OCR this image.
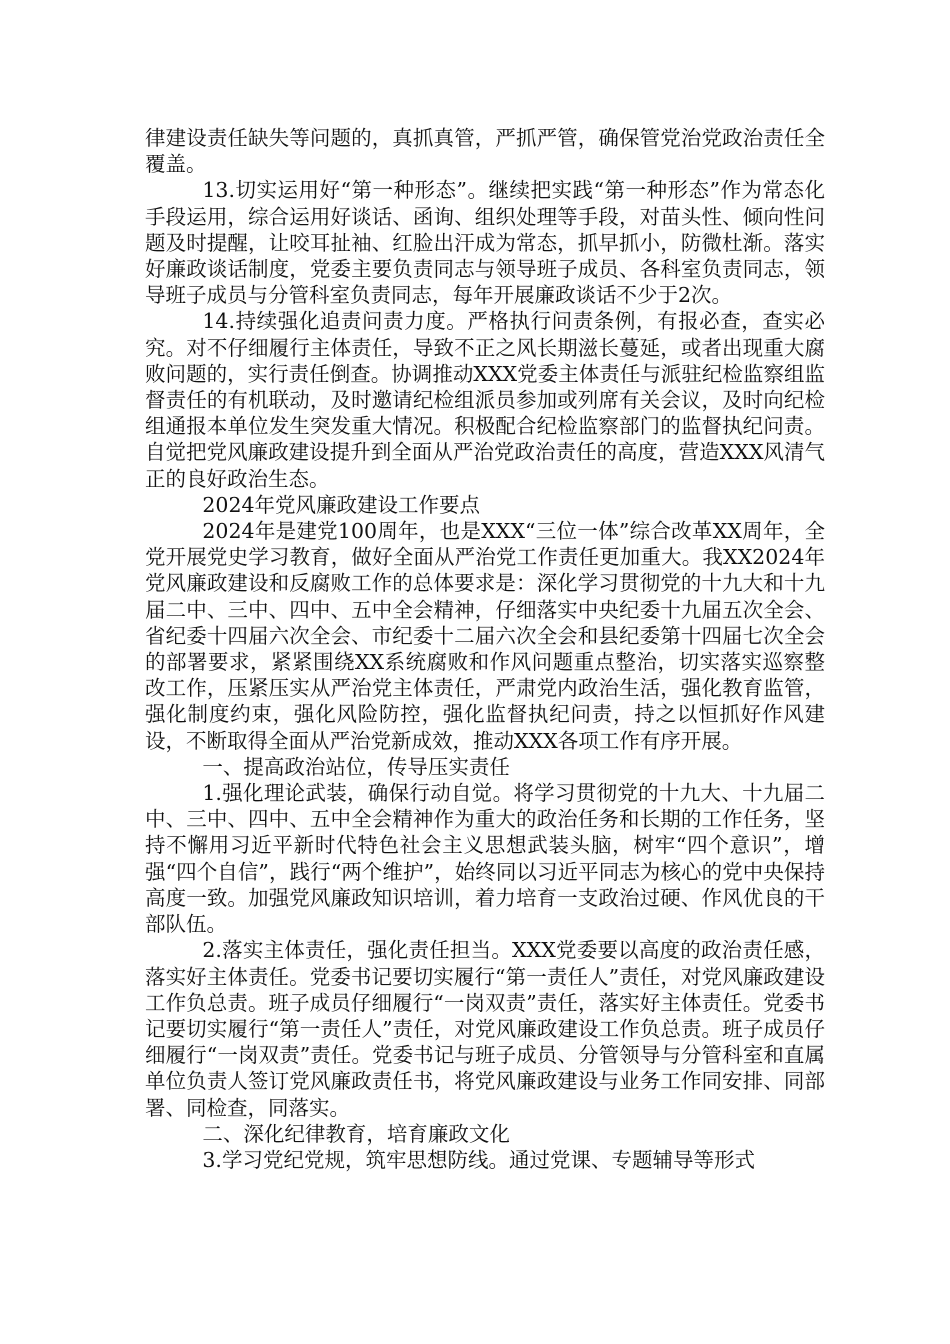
律建设责任缺失等问题的，真抓真管，严抓严管，确保管党治党政治责任全覆盖。

13.切实运用好“第一种形态”。继续把实践“第一种形态”作为常态化手段运用，综合运用好谈话、函询、组织处理等手段，对苗头性、倾向性问题及时提醒，让咬耳扯袖、红脸出汗成为常态，抓早抓小，防微杜渐。落实好廉政谈话制度，党委主要负责同志与领导班子成员、各科室负责同志，领导班子成员与分管科室负责同志，每年开展廉政谈话不少于2次。

14.持续强化追责问责力度。严格执行问责条例，有报必查，查实必究。对不仔细履行主体责任，导致不正之风长期滋长蔓延，或者出现重大腐败问题的，实行责任倒查。协调推动XXX党委主体责任与派驻纪检监察组监督责任的有机联动，及时邀请纪检组派员参加或列席有关会议，及时向纪检组通报本单位发生突发重大情况。积极配合纪检监察部门的监督执纪问责。自觉把党风廉政建设提升到全面从严治党政治责任的高度，营造XXX风清气正的良好政治生态。

2024年党风廉政建设工作要点

2024年是建党100周年，也是XXX“三位一体”综合改革XX周年，全党开展党史学习教育，做好全面从严治党工作责任更加重大。我XX2024年党风廉政建设和反腐败工作的总体要求是：深化学习贯彻党的十九大和十九届二中、三中、四中、五中全会精神，仔细落实中央纪委十九届五次全会、省纪委十四届六次全会、市纪委十二届六次全会和县纪委第十四届七次全会的部署要求，紧紧围绕XX系统腐败和作风问题重点整治，切实落实巡察整改工作，压紧压实从严治党主体责任，严肃党内政治生活，强化教育监管，强化制度约束，强化风险防控，强化监督执纪问责，持之以恒抓好作风建设，不断取得全面从严治党新成效，推动XXX各项工作有序开展。

一、提高政治站位，传导压实责任

1.强化理论武装，确保行动自觉。将学习贯彻党的十九大、十九届二中、三中、四中、五中全会精神作为重大的政治任务和长期的工作任务，坚持不懈用习近平新时代特色社会主义思想武装头脑，树牢“四个意识”，增强“四个自信”，践行“两个维护”，始终同以习近平同志为核心的党中央保持高度一致。加强党风廉政知识培训，着力培育一支政治过硬、作风优良的干部队伍。

2.落实主体责任，强化责任担当。XXX党委要以高度的政治责任感，落实好主体责任。党委书记要切实履行“第一责任人”责任，对党风廉政建设工作负总责。班子成员仔细履行“一岗双责”责任，落实好主体责任。党委书记要切实履行“第一责任人”责任，对党风廉政建设工作负总责。班子成员仔细履行“一岗双责”责任。党委书记与班子成员、分管领导与分管科室和直属单位负责人签订党风廉政责任书，将党风廉政建设与业务工作同安排、同部署、同检查，同落实。

二、深化纪律教育，培育廉政文化

3.学习党纪党规，筑牢思想防线。通过党课、专题辅导等形式
